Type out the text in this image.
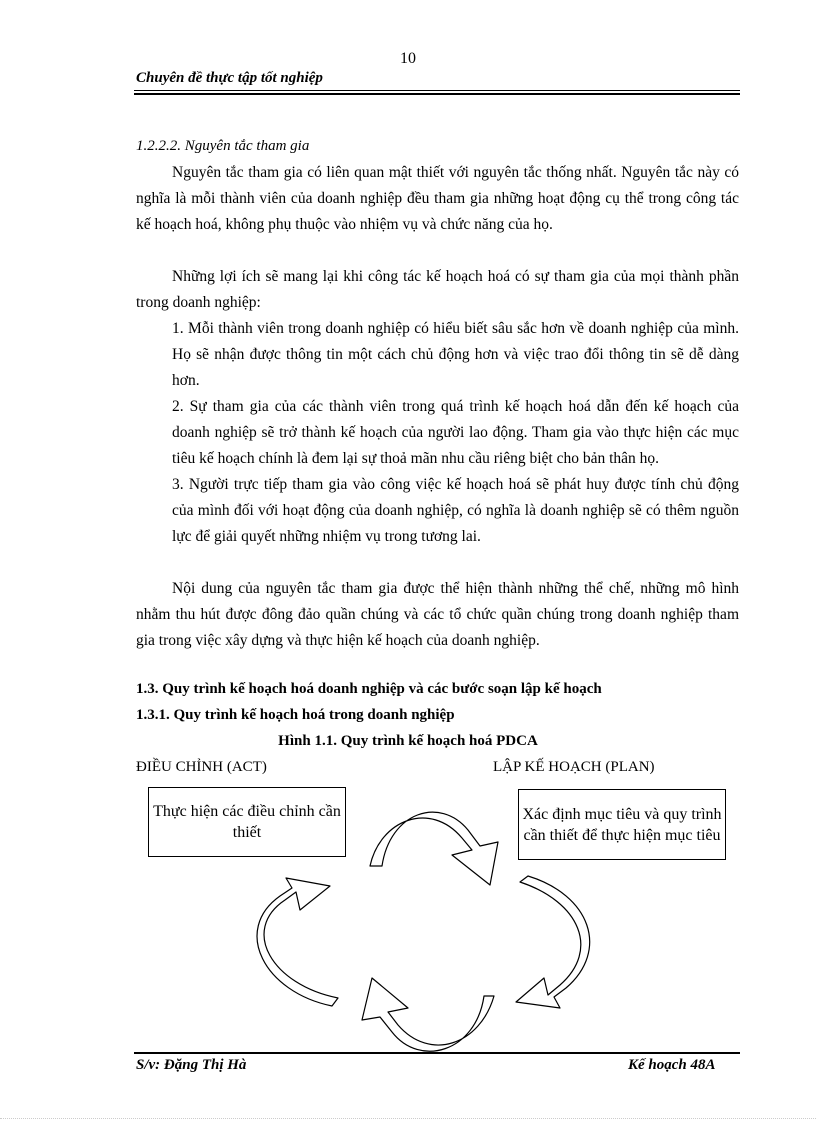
10
Chuyên đề thực tập tốt nghiệp
1.2.2.2. Nguyên tắc tham gia

Nguyên tắc tham gia có liên quan mật thiết với nguyên tắc thống nhất. Nguyên tắc này có nghĩa là mỗi thành viên của doanh nghiệp đều tham gia những hoạt động cụ thể trong công tác kế hoạch hoá, không phụ thuộc vào nhiệm vụ và chức năng của họ.

Những lợi ích sẽ mang lại khi công tác kế hoạch hoá có sự tham gia của mọi thành phần trong doanh nghiệp:

1. Mỗi thành viên trong doanh nghiệp có hiểu biết sâu sắc hơn về doanh nghiệp của mình. Họ sẽ nhận được thông tin một cách chủ động hơn và việc trao đổi thông tin sẽ dễ dàng hơn.

2. Sự tham gia của các thành viên trong quá trình kế hoạch hoá dẫn đến kế hoạch của doanh nghiệp sẽ trở thành kế hoạch của người lao động. Tham gia vào thực hiện các mục tiêu kế hoạch chính là đem lại sự thoả mãn nhu cầu riêng biệt cho bản thân họ.

3. Người trực tiếp tham gia vào công việc kế hoạch hoá sẽ phát huy được tính chủ động của mình đối với hoạt động của doanh nghiệp, có nghĩa là doanh nghiệp sẽ có thêm nguồn lực để giải quyết những nhiệm vụ trong tương lai.

Nội dung của nguyên tắc tham gia được thể hiện thành những thể chế, những mô hình nhằm thu hút được đông đảo quần chúng và các tổ chức quần chúng trong doanh nghiệp tham gia trong việc xây dựng và thực hiện kế hoạch của doanh nghiệp.

1.3. Quy trình kế hoạch hoá doanh nghiệp và các bước soạn lập kế hoạch
1.3.1. Quy trình kế hoạch hoá trong doanh nghiệp
Hình 1.1. Quy trình kế hoạch hoá PDCA
ĐIỀU CHỈNH (ACT)	LẬP KẾ HOẠCH (PLAN)
Thực hiện các điều chỉnh cần thiết
Xác định mục tiêu và quy trình cần thiết để thực hiện mục tiêu
S/v: Đặng Thị Hà	Kế hoạch 48A
